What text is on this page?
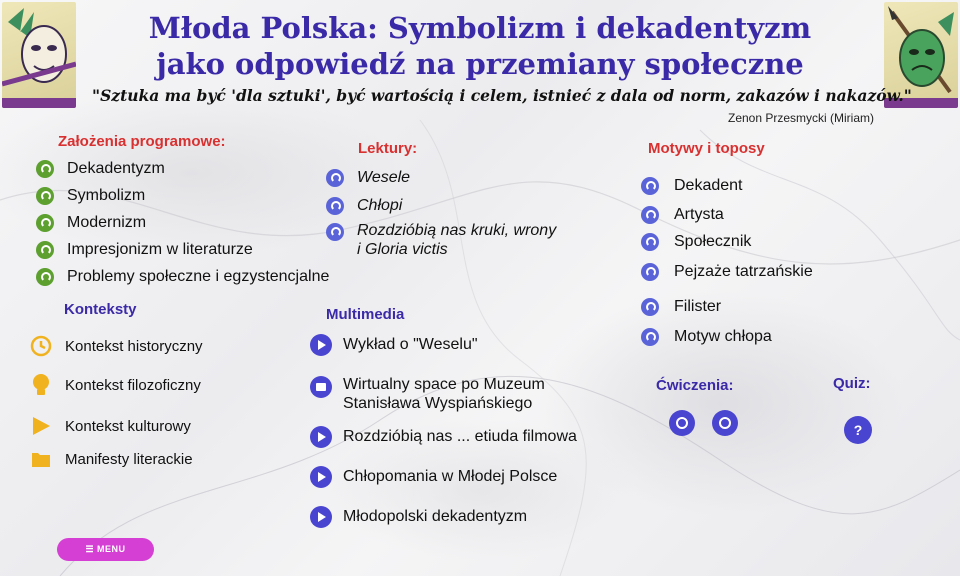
Młoda Polska: Symbolizm i dekadentyzm
jako odpowiedź na przemiany społeczne
"Sztuka ma być 'dla sztuki', być wartością i celem, istnieć z dala od norm, zakazów i nakazów."
Zenon Przesmycki (Miriam)
Założenia programowe:
Dekadentyzm
Symbolizm
Modernizm
Impresjonizm w literaturze
Problemy społeczne i egzystencjalne
Konteksty
Kontekst historyczny
Kontekst filozoficzny
Kontekst kulturowy
Manifesty literackie
Lektury:
Wesele
Chłopi
Rozdzióbią nas kruki, wrony
i Gloria victis
Multimedia
Wykład o "Weselu"
Wirtualny space po Muzeum
Stanisława Wyspiańskiego
Rozdzióbią nas ... etiuda filmowa
Chłopomania w Młodej Polsce
Młodopolski dekadentyzm
Motywy i toposy
Dekadent
Artysta
Społecznik
Pejzaże tatrzańskie
Filister
Motyw chłopa
Ćwiczenia:	Quiz:
?
☰ MENU
